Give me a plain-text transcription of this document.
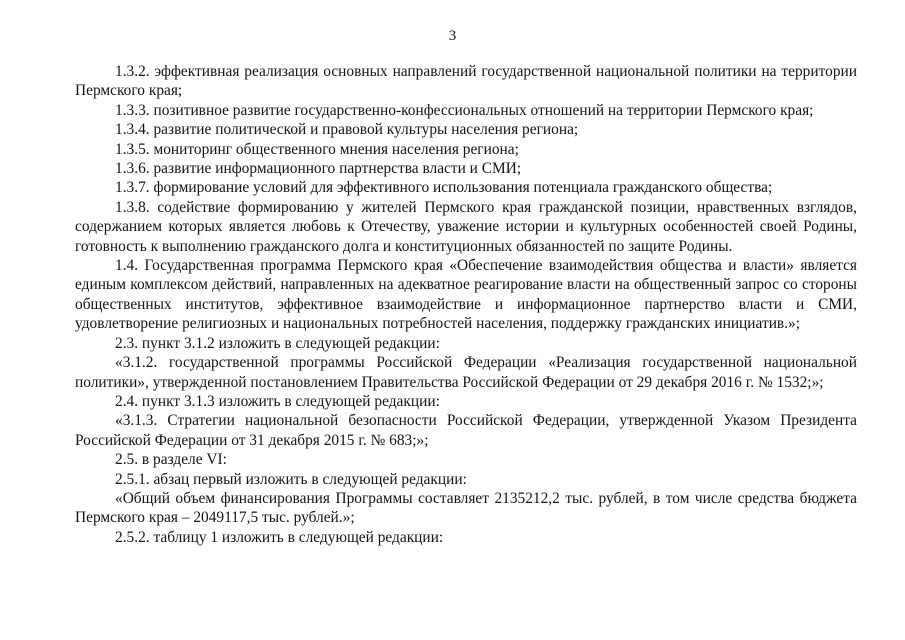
3

1.3.2. эффективная реализация основных направлений государственной национальной политики на территории Пермского края;

1.3.3. позитивное развитие государственно-конфессиональных отношений на территории Пермского края;

1.3.4. развитие политической и правовой культуры населения региона;

1.3.5. мониторинг общественного мнения населения региона;

1.3.6. развитие информационного партнерства власти и СМИ;

1.3.7. формирование условий для эффективного использования потенциала гражданского общества;

1.3.8. содействие формированию у жителей Пермского края гражданской позиции, нравственных взглядов, содержанием которых является любовь к Отечеству, уважение истории и культурных особенностей своей Родины, готовность к выполнению гражданского долга и конституционных обязанностей по защите Родины.

1.4. Государственная программа Пермского края «Обеспечение взаимодействия общества и власти» является единым комплексом действий, направленных на адекватное реагирование власти на общественный запрос со стороны общественных институтов, эффективное взаимодействие и информационное партнерство власти и СМИ, удовлетворение религиозных и национальных потребностей населения, поддержку гражданских инициатив.»;

2.3. пункт 3.1.2 изложить в следующей редакции:

«3.1.2. государственной программы Российской Федерации «Реализация государственной национальной политики», утвержденной постановлением Правительства Российской Федерации от 29 декабря 2016 г. № 1532;»;

2.4. пункт 3.1.3 изложить в следующей редакции:

«3.1.3. Стратегии национальной безопасности Российской Федерации, утвержденной Указом Президента Российской Федерации от 31 декабря 2015 г. № 683;»;

2.5. в разделе VI:

2.5.1. абзац первый изложить в следующей редакции:

«Общий объем финансирования Программы составляет 2135212,2 тыс. рублей, в том числе средства бюджета Пермского края – 2049117,5 тыс. рублей.»;

2.5.2. таблицу 1 изложить в следующей редакции:
